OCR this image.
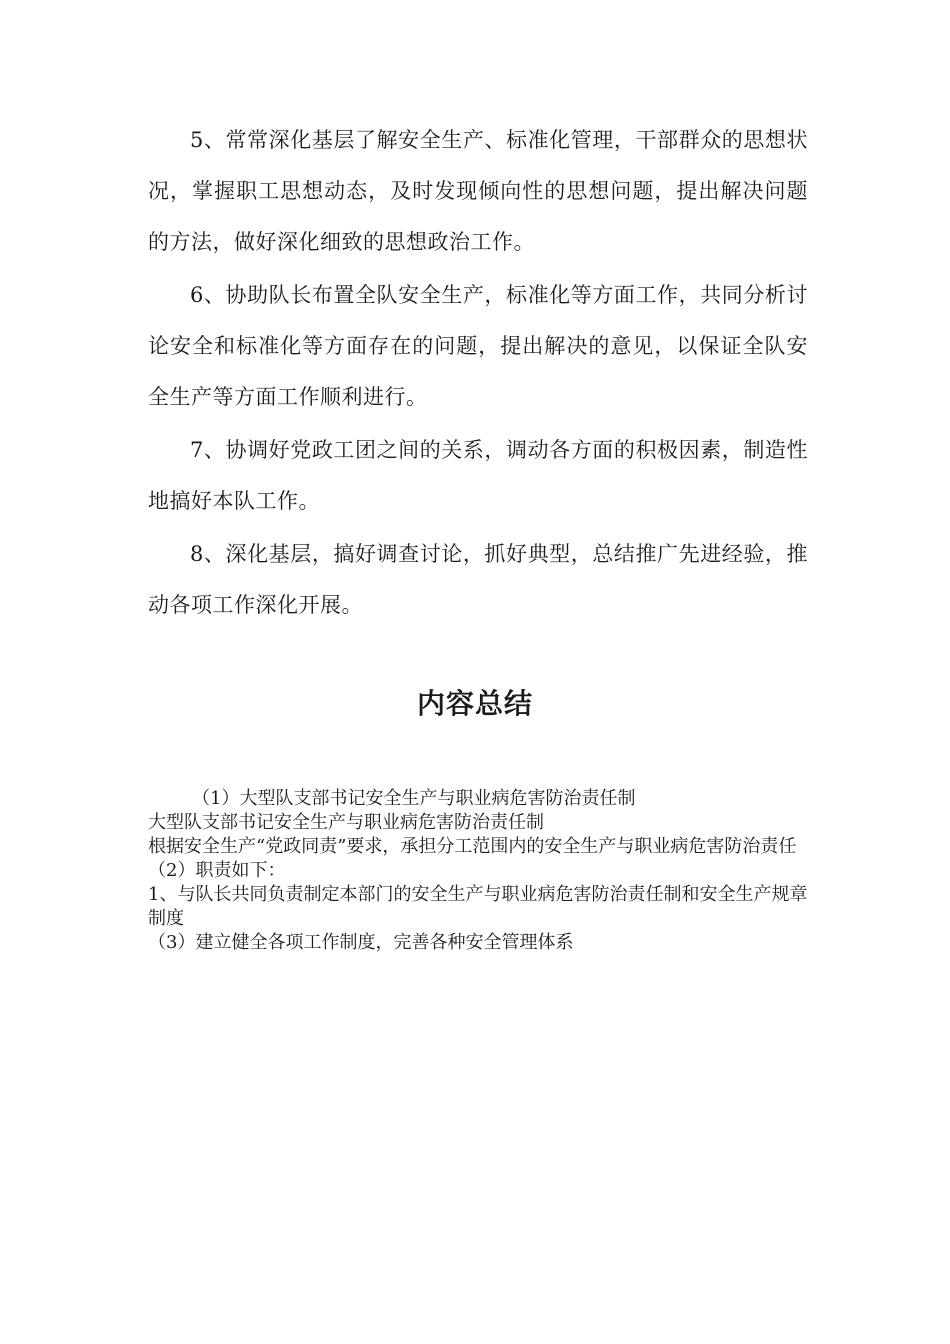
5、常常深化基层了解安全生产、标准化管理，干部群众的思想状况，掌握职工思想动态，及时发现倾向性的思想问题，提出解决问题的方法，做好深化细致的思想政治工作。

6、协助队长布置全队安全生产，标准化等方面工作，共同分析讨论安全和标准化等方面存在的问题，提出解决的意见，以保证全队安全生产等方面工作顺利进行。

7、协调好党政工团之间的关系，调动各方面的积极因素，制造性地搞好本队工作。

8、深化基层，搞好调查讨论，抓好典型，总结推广先进经验，推动各项工作深化开展。

内容总结

（1）大型队支部书记安全生产与职业病危害防治责任制

大型队支部书记安全生产与职业病危害防治责任制

根据安全生产“党政同责”要求，承担分工范围内的安全生产与职业病危害防治责任

（2）职责如下：

1、与队长共同负责制定本部门的安全生产与职业病危害防治责任制和安全生产规章制度

（3）建立健全各项工作制度，完善各种安全管理体系
